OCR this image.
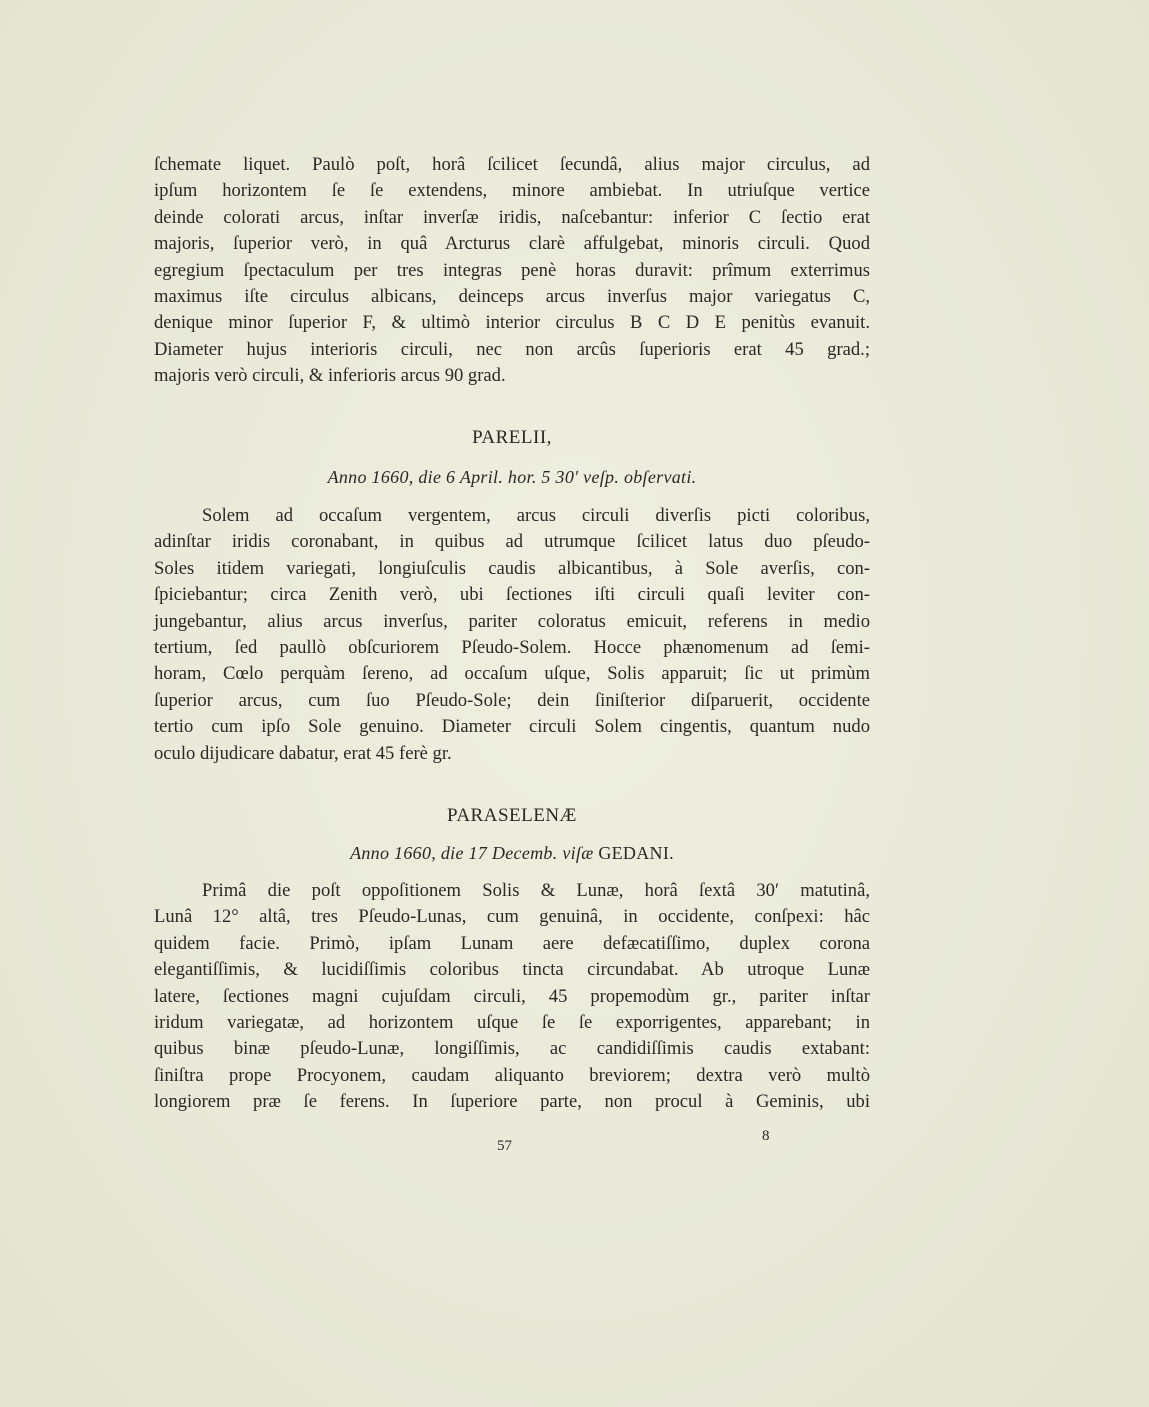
ſchemate liquet. Paulò poſt, horâ ſcilicet ſecundâ, alius major circulus, ad
ipſum horizontem ſe ſe extendens, minore ambiebat. In utriuſque vertice
deinde colorati arcus, inſtar inverſæ iridis, naſcebantur: inferior C ſectio erat
majoris, ſuperior verò, in quâ Arcturus clarè affulgebat, minoris circuli. Quod
egregium ſpectaculum per tres integras penè horas duravit: prîmum exterrimus
maximus iſte circulus albicans, deinceps arcus inverſus major variegatus C,
denique minor ſuperior F, & ultimò interior circulus B C D E penitùs evanuit.
Diameter hujus interioris circuli, nec non arcûs ſuperioris erat 45 grad.;
majoris verò circuli, & inferioris arcus 90 grad.
PARELII,
Anno 1660, die 6 April. hor. 5 30′ veſp. obſervati.
Solem ad occaſum vergentem, arcus circuli diverſis picti coloribus,
adinſtar iridis coronabant, in quibus ad utrumque ſcilicet latus duo pſeudo-
Soles itidem variegati, longiuſculis caudis albicantibus, à Sole averſis, con-
ſpiciebantur; circa Zenith verò, ubi ſectiones iſti circuli quaſi leviter con-
jungebantur, alius arcus inverſus, pariter coloratus emicuit, referens in medio
tertium, ſed paullò obſcuriorem Pſeudo-Solem. Hocce phænomenum ad ſemi-
horam, Cœlo perquàm ſereno, ad occaſum uſque, Solis apparuit; ſic ut primùm
ſuperior arcus, cum ſuo Pſeudo-Sole; dein ſiniſterior diſparuerit, occidente
tertio cum ipſo Sole genuino. Diameter circuli Solem cingentis, quantum nudo
oculo dijudicare dabatur, erat 45 ferè gr.
PARASELENÆ
Anno 1660, die 17 Decemb. viſæ GEDANI.
Primâ die poſt oppoſitionem Solis & Lunæ, horâ ſextâ 30′ matutinâ,
Lunâ 12° altâ, tres Pſeudo-Lunas, cum genuinâ, in occidente, conſpexi: hâc
quidem facie. Primò, ipſam Lunam aere defæcatiſſimo, duplex corona
elegantiſſimis, & lucidiſſimis coloribus tincta circundabat. Ab utroque Lunæ
latere, ſectiones magni cujuſdam circuli, 45 propemodùm gr., pariter inſtar
iridum variegatæ, ad horizontem uſque ſe ſe exporrigentes, apparebant; in
quibus binæ pſeudo-Lunæ, longiſſimis, ac candidiſſimis caudis extabant:
ſiniſtra prope Procyonem, caudam aliquanto breviorem; dextra verò multò
longiorem præ ſe ferens. In ſuperiore parte, non procul à Geminis, ubi
57
8
